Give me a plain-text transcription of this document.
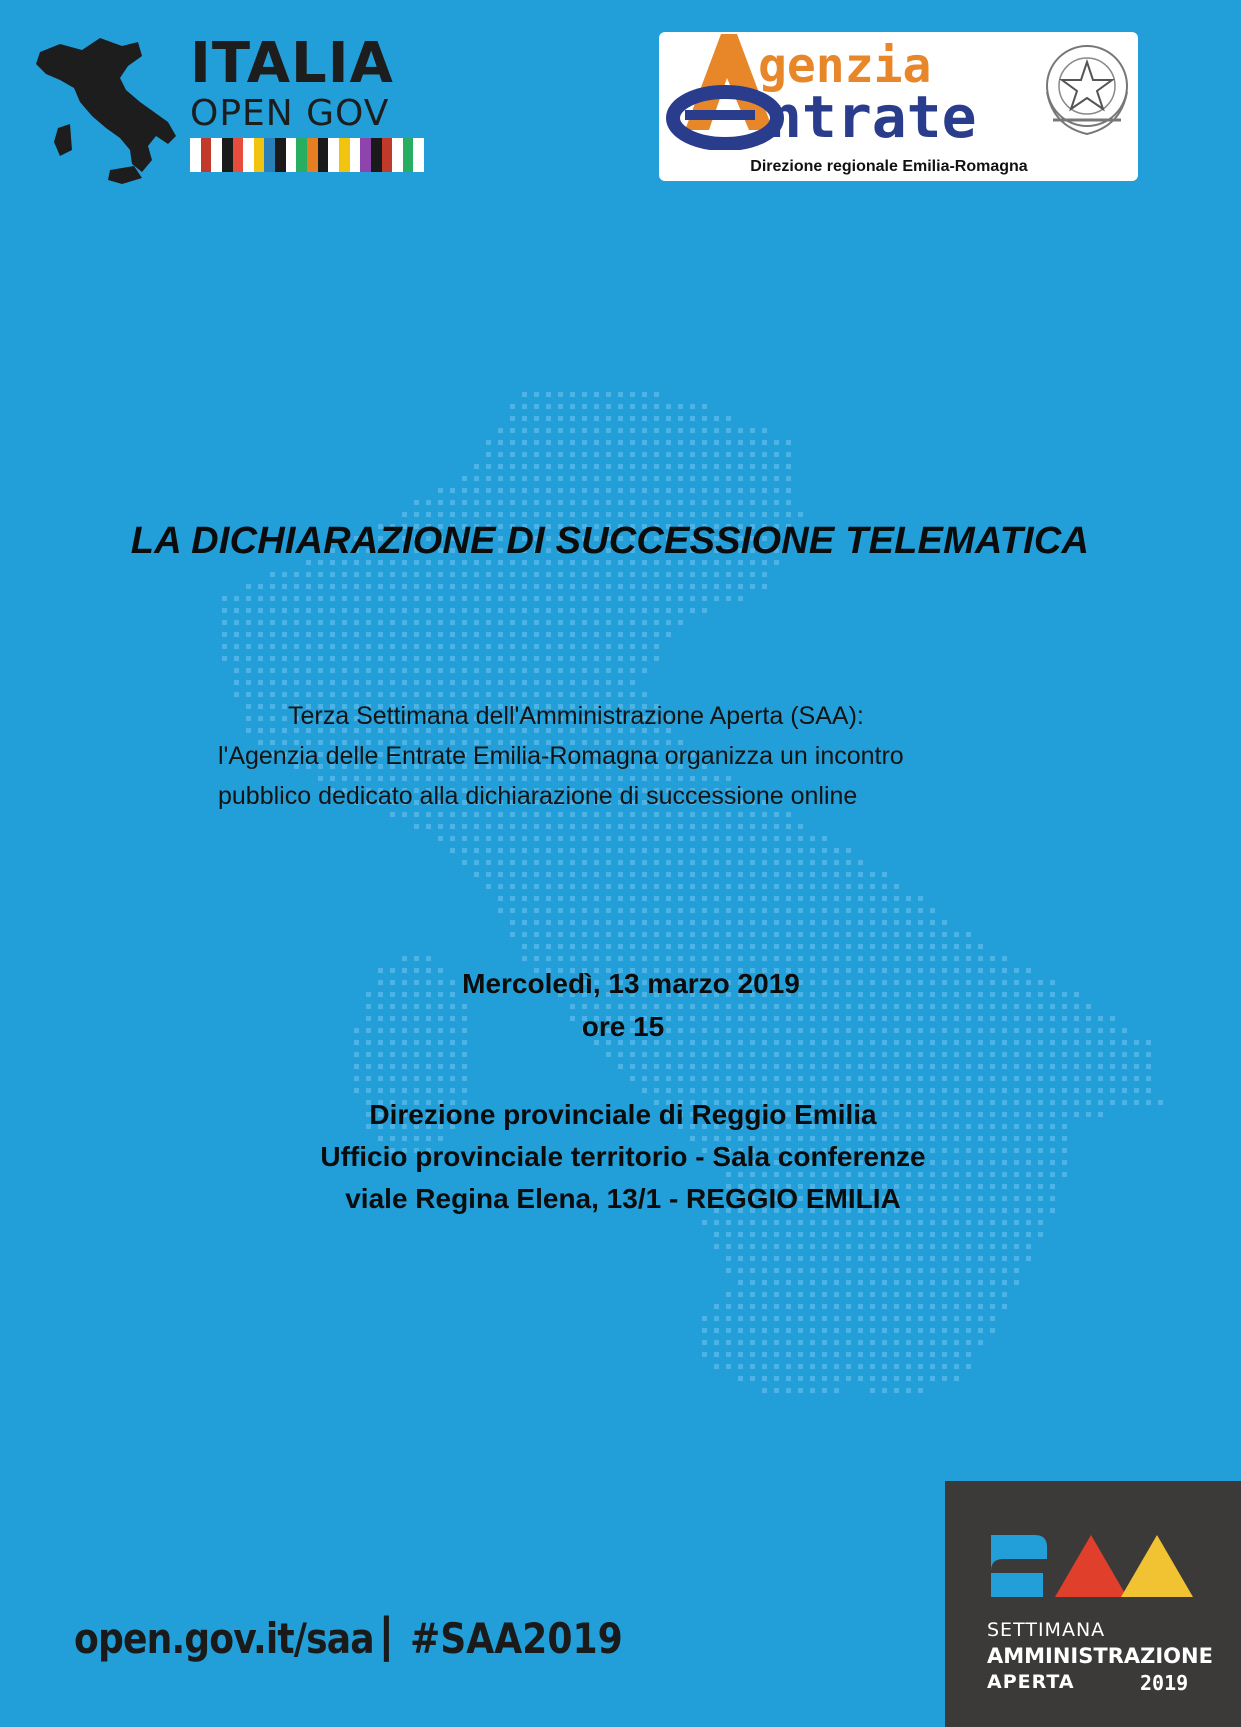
ITALIA
OPEN GOV
genzia
ntrate
Direzione regionale Emilia-Romagna
LA DICHIARAZIONE DI SUCCESSIONE TELEMATICA
Terza Settimana dell'Amministrazione Aperta (SAA):
l'Agenzia delle Entrate Emilia-Romagna organizza un incontro
pubblico dedicato alla dichiarazione di successione online
Mercoledì, 13 marzo 2019
ore 15
Direzione provinciale di Reggio Emilia
Ufficio provinciale territorio - Sala conferenze
viale Regina Elena, 13/1 - REGGIO EMILIA
open.gov.it/saa | #SAA2019	SETTIMANA
AMMINISTRAZIONE
APERTA	2019
